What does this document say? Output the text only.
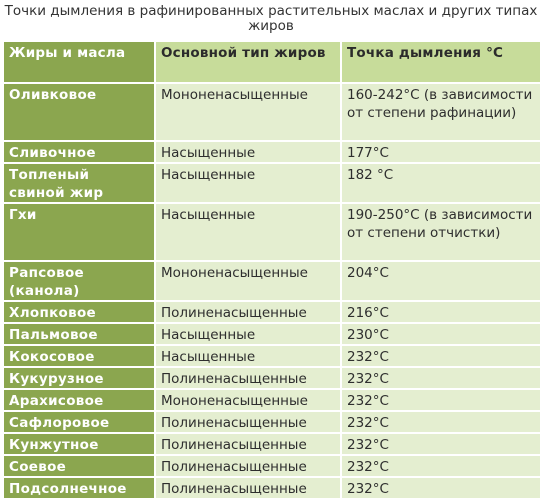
Точки дымления в рафинированных растительных маслах и других типах жиров
Жиры и масла	Основной тип жиров	Точка дымления °C
Оливковое	Мононенасыщенные	160-242°C (в зависимости от степени рафинации)
Сливочное	Насыщенные	177°C
Топленый свиной жир	Насыщенные	182 °C
Гхи	Насыщенные	190-250°C (в зависимости от степени отчистки)
Рапсовое (канола)	Мононенасыщенные	204°C
Хлопковое	Полиненасыщенные	216°C
Пальмовое	Насыщенные	230°C
Кокосовое	Насыщенные	232°C
Кукурузное	Полиненасыщенные	232°C
Арахисовое	Мононенасыщенные	232°C
Сафлоровое	Полиненасыщенные	232°C
Кунжутное	Полиненасыщенные	232°C
Соевое	Полиненасыщенные	232°C
Подсолнечное	Полиненасыщенные	232°C
